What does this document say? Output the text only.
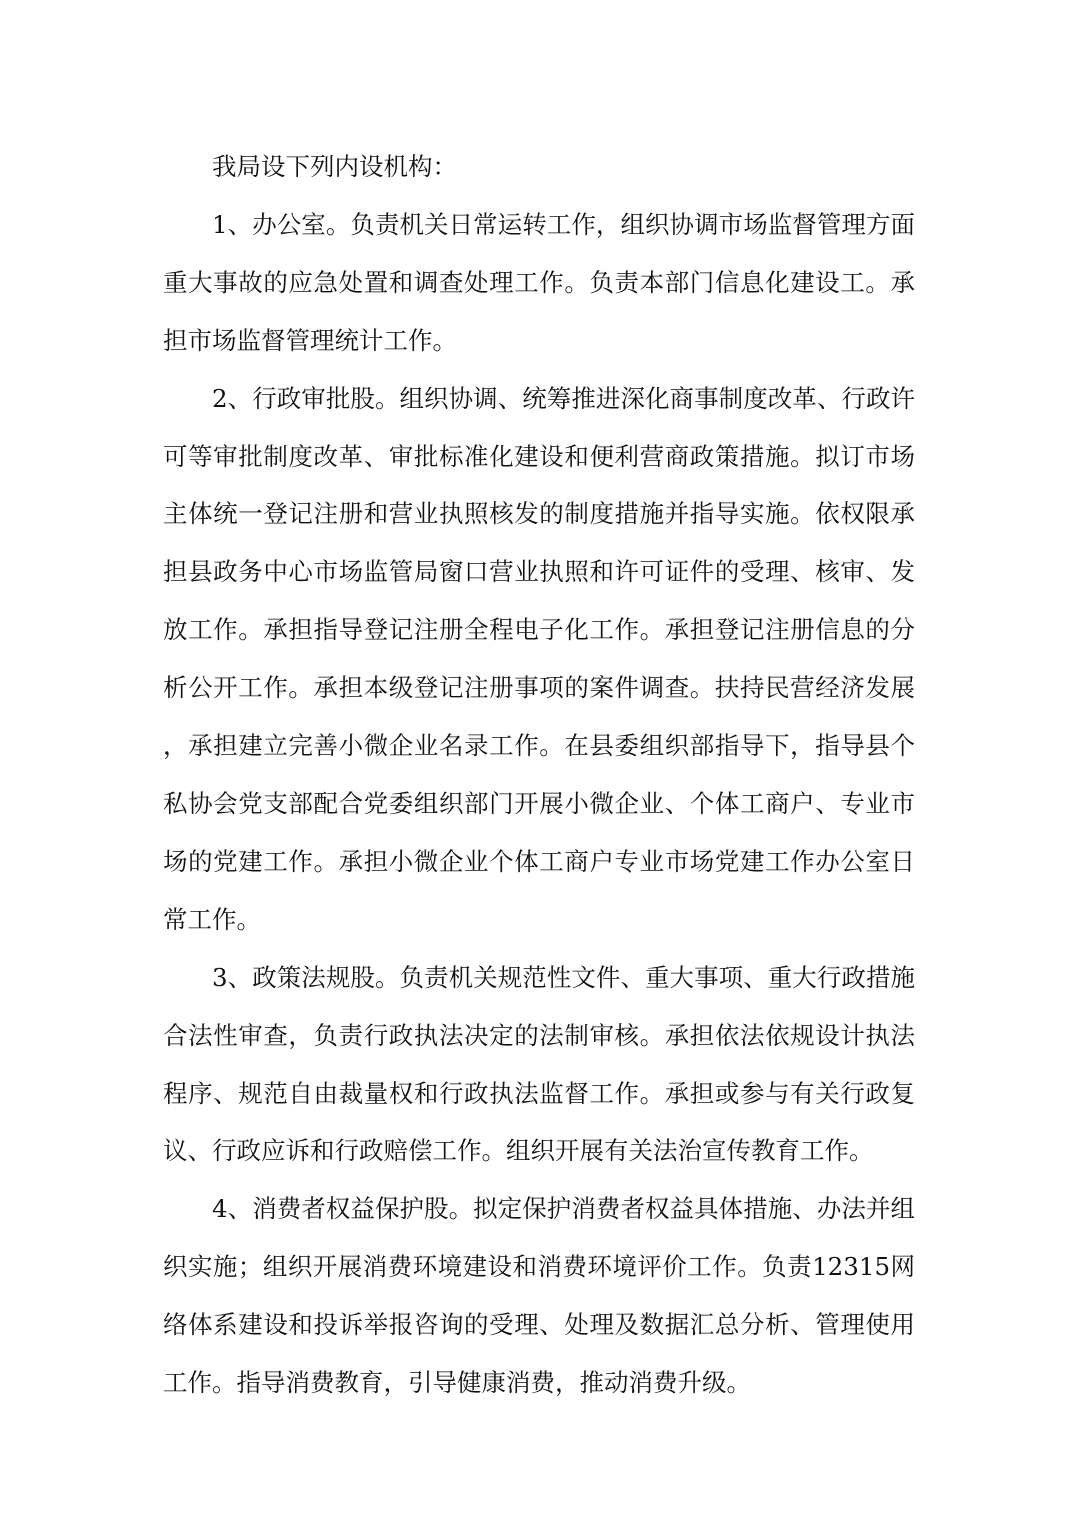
我局设下列内设机构：

1、办公室。负责机关日常运转工作，组织协调市场监督管理方面重大事故的应急处置和调查处理工作。负责本部门信息化建设工。承担市场监督管理统计工作。

2、行政审批股。组织协调、统筹推进深化商事制度改革、行政许可等审批制度改革、审批标准化建设和便利营商政策措施。拟订市场主体统一登记注册和营业执照核发的制度措施并指导实施。依权限承担县政务中心市场监管局窗口营业执照和许可证件的受理、核审、发放工作。承担指导登记注册全程电子化工作。承担登记注册信息的分析公开工作。承担本级登记注册事项的案件调查。扶持民营经济发展，承担建立完善小微企业名录工作。在县委组织部指导下，指导县个私协会党支部配合党委组织部门开展小微企业、个体工商户、专业市场的党建工作。承担小微企业个体工商户专业市场党建工作办公室日常工作。

3、政策法规股。负责机关规范性文件、重大事项、重大行政措施合法性审查，负责行政执法决定的法制审核。承担依法依规设计执法程序、规范自由裁量权和行政执法监督工作。承担或参与有关行政复议、行政应诉和行政赔偿工作。组织开展有关法治宣传教育工作。

4、消费者权益保护股。拟定保护消费者权益具体措施、办法并组织实施；组织开展消费环境建设和消费环境评价工作。负责12315网络体系建设和投诉举报咨询的受理、处理及数据汇总分析、管理使用工作。指导消费教育，引导健康消费，推动消费升级。
